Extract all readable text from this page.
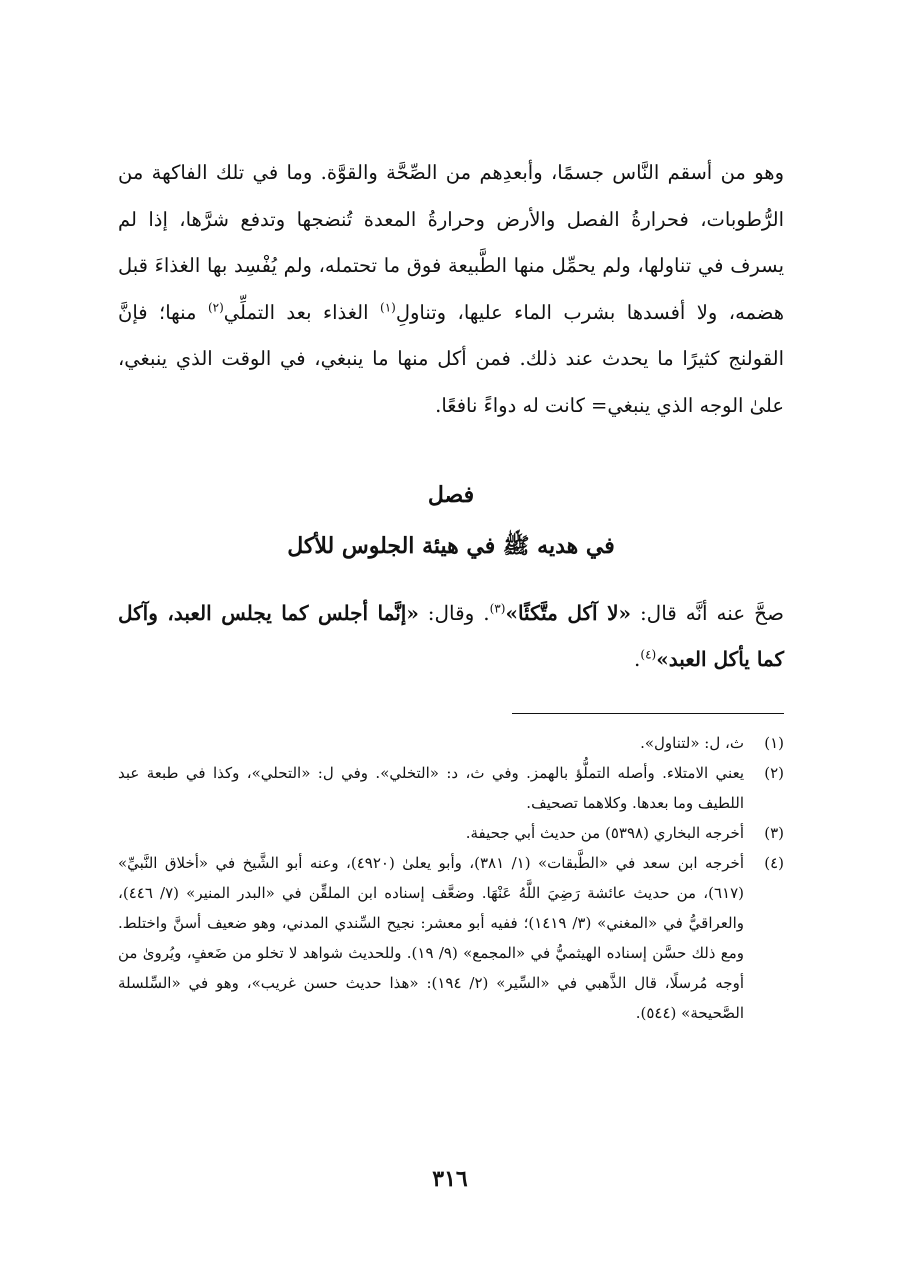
وهو من أسقم النَّاس جسمًا، وأبعدِهم من الصِّحَّة والقوَّة. وما في تلك الفاكهة من الرُّطوبات، فحرارةُ الفصل والأرض وحرارةُ المعدة تُنضجها وتدفع شرَّها، إذا لم يسرف في تناولها، ولم يحمِّل منها الطَّبيعة فوق ما تحتمله، ولم يُفْسِد بها الغذاءَ قبل هضمه، ولا أفسدها بشرب الماء عليها، وتناولِ$^{(١)}$ الغذاء بعد التملِّي$^{(٢)}$ منها؛ فإنَّ القولنج كثيرًا ما يحدث عند ذلك. فمن أكل منها ما ينبغي، في الوقت الذي ينبغي، علىٰ الوجه الذي ينبغي= كانت له دواءً نافعًا.

فصل
في هديه ﷺ في هيئة الجلوس للأكل

صحَّ عنه أنَّه قال: «لا آكل متَّكئًا»$^{(٣)}$. وقال: «إنَّما أجلس كما يجلس العبد، وآكل كما يأكل العبد»$^{(٤)}$.

(١)
ث، ل: «لتناول».
(٢)
يعني الامتلاء. وأصله التملُّؤ بالهمز. وفي ث، د: «التخلي». وفي ل: «التحلي»، وكذا في طبعة عبد اللطيف وما بعدها. وكلاهما تصحيف.
(٣)
أخرجه البخاري (٥٣٩٨) من حديث أبي جحيفة.
(٤)
أخرجه ابن سعد في «الطَّبقات» (١/ ٣٨١)، وأبو يعلىٰ (٤٩٢٠)، وعنه أبو الشَّيخ في «أخلاق النَّبيِّ» (٦١٧)، من حديث عائشة رَضِيَ اللَّهُ عَنْهَا. وضعَّف إسناده ابن الملقِّن في «البدر المنير» (٧/ ٤٤٦)، والعراقيُّ في «المغني» (٣/ ١٤١٩)؛ ففيه أبو معشر: نجيح السِّندي المدني، وهو ضعيف أسنَّ واختلط. ومع ذلك حسَّن إسناده الهيثميُّ في «المجمع» (٩/ ١٩). وللحديث شواهد لا تخلو من ضَعفٍ، ويُروىٰ من أوجه مُرسلًا، قال الذَّهبي في «السِّير» (٢/ ١٩٤): «هذا حديث حسن غريب»، وهو في «السِّلسلة الصَّحيحة» (٥٤٤).
٣١٦
